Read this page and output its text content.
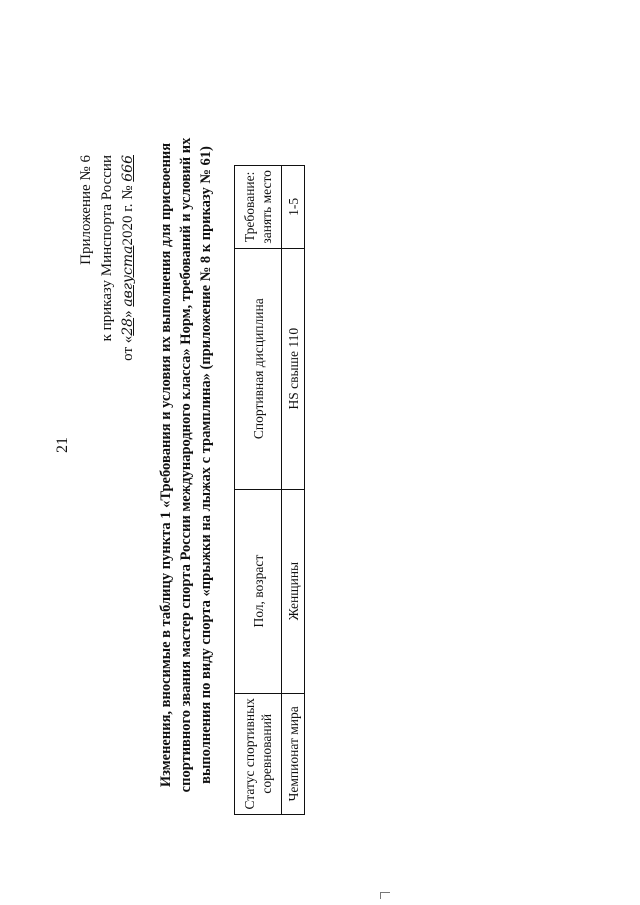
21
Приложение № 6 к приказу Минспорта России
от «28» августа2020 г. № 666 Изменения, вносимые в таблицу пункта 1 «Требования и условия их выполнения для присвоения спортивного звания мастер спорта России международного класса» Норм, требований и условий их выполнения по виду спорта «прыжки на лыжах с трамплина» (приложение № 8 к приказу № 61) Статус спортивных соревнований	Пол, возраст	Спортивная дисциплина	Требование: занять место
Чемпионат мира	Женщины	HS свыше 110	1-5
